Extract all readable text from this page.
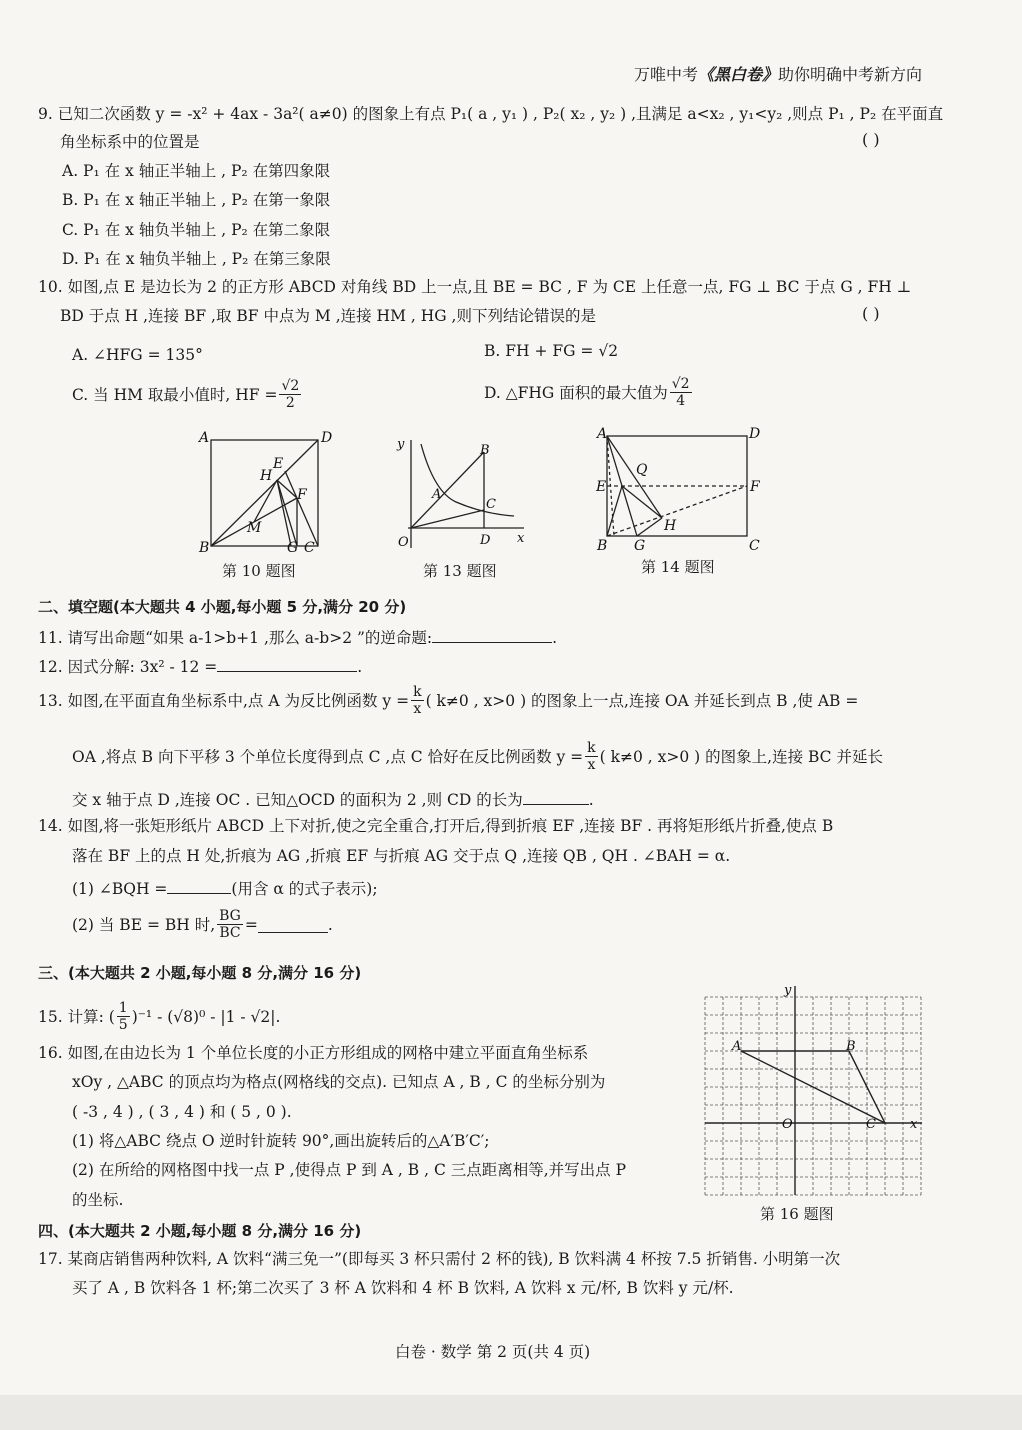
万唯中考《黑白卷》助你明确中考新方向
9. 已知二次函数 y = -x² + 4ax - 3a²( a≠0) 的图象上有点 P₁( a , y₁ ) , P₂( x₂ , y₂ ) ,且满足 a<x₂ , y₁<y₂ ,则点 P₁ , P₂ 在平面直
角坐标系中的位置是	( )
A. P₁ 在 x 轴正半轴上 , P₂ 在第四象限
B. P₁ 在 x 轴正半轴上 , P₂ 在第一象限
C. P₁ 在 x 轴负半轴上 , P₂ 在第二象限
D. P₁ 在 x 轴负半轴上 , P₂ 在第三象限
10. 如图,点 E 是边长为 2 的正方形 ABCD 对角线 BD 上一点,且 BE = BC , F 为 CE 上任意一点, FG ⊥ BC 于点 G , FH ⊥
BD 于点 H ,连接 BF ,取 BF 中点为 M ,连接 HM , HG ,则下列结论错误的是	( )
A. ∠HFG = 135°	B. FH + FG = √2
C. 当 HM 取最小值时, HF = $\frac{√2}{2}$	D. △FHG 面积的最大值为 $\frac{√2}{4}$
A	D
B	C
E
H
F
M
G
第 10 题图
y
x
O
A
B
C
D
第 13 题图
A	D
B	C
E	F
Q
H
G
第 14 题图
二、填空题(本大题共 4 小题,每小题 5 分,满分 20 分)
11. 请写出命题“如果 a-1>b+1 ,那么 a-b>2 ”的逆命题:	.
12. 因式分解: 3x² - 12 =	.
13. 如图,在平面直角坐标系中,点 A 为反比例函数 $y = \frac{k}{x}$ ( k≠0 , x>0 ) 的图象上一点,连接 OA 并延长到点 B ,使 AB =
OA ,将点 B 向下平移 3 个单位长度得到点 C ,点 C 恰好在反比例函数 $y = \frac{k}{x}$ ( k≠0 , x>0 ) 的图象上,连接 BC 并延长
交 x 轴于点 D ,连接 OC . 已知△OCD 的面积为 2 ,则 CD 的长为	.
14. 如图,将一张矩形纸片 ABCD 上下对折,使之完全重合,打开后,得到折痕 EF ,连接 BF . 再将矩形纸片折叠,使点 B
落在 BF 上的点 H 处,折痕为 AG ,折痕 EF 与折痕 AG 交于点 Q ,连接 QB , QH . ∠BAH = α.
(1) ∠BQH =	(用含 α 的式子表示);
(2) 当 BE = BH 时, $\frac{BG}{BC}$ =	.
三、(本大题共 2 小题,每小题 8 分,满分 16 分)
15. 计算: ( $\frac{1}{5} )^{-1} - (√8)^0 - |1 - √2|$.
16. 如图,在由边长为 1 个单位长度的小正方形组成的网格中建立平面直角坐标系
xOy , △ABC 的顶点均为格点(网格线的交点). 已知点 A , B , C 的坐标分别为
( -3 , 4 ) , ( 3 , 4 ) 和 ( 5 , 0 ).
(1) 将△ABC 绕点 O 逆时针旋转 90°,画出旋转后的△A′B′C′;
(2) 在所给的网格图中找一点 P ,使得点 P 到 A , B , C 三点距离相等,并写出点 P
的坐标.
y
x
O
A	B
C
第 16 题图
四、(本大题共 2 小题,每小题 8 分,满分 16 分)
17. 某商店销售两种饮料, A 饮料“满三免一”(即每买 3 杯只需付 2 杯的钱), B 饮料满 4 杯按 7.5 折销售. 小明第一次
买了 A , B 饮料各 1 杯;第二次买了 3 杯 A 饮料和 4 杯 B 饮料, A 饮料 x 元/杯, B 饮料 y 元/杯.
白卷 · 数学 第 2 页(共 4 页)
